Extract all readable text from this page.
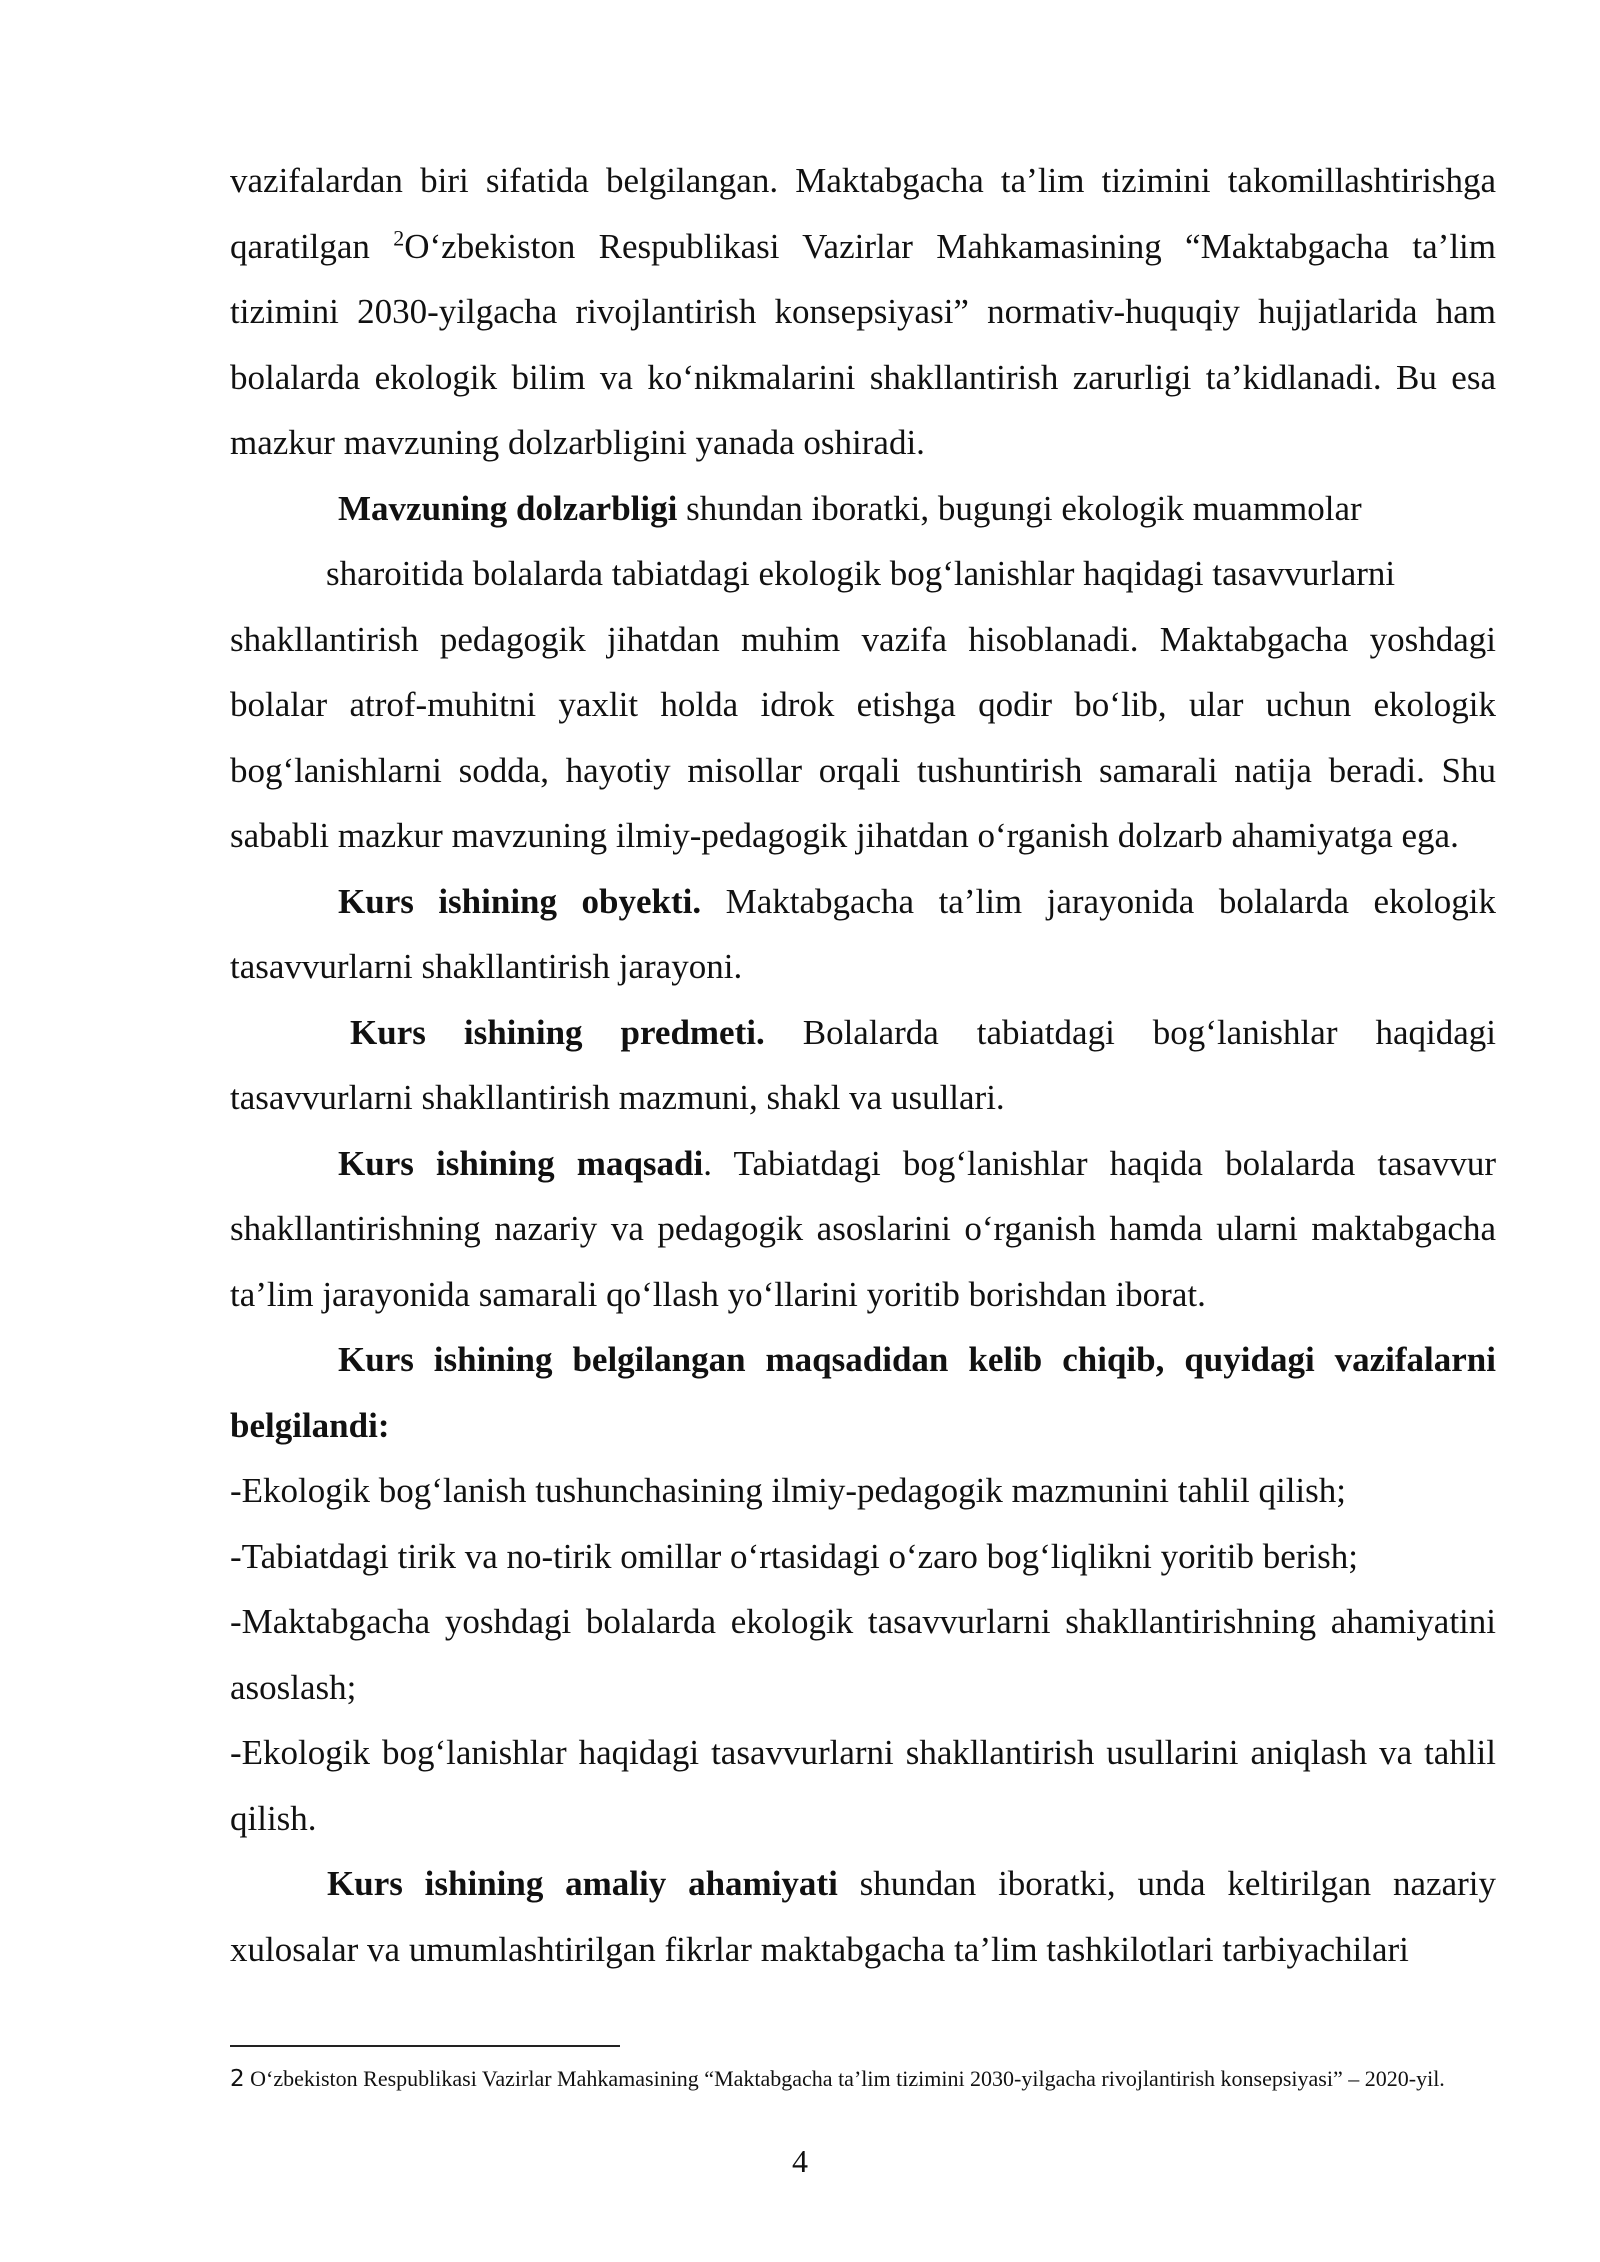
vazifalardan biri sifatida belgilangan. Maktabgacha ta’lim tizimini takomillashtirishga qaratilgan $^2$O‘zbekiston Respublikasi Vazirlar Mahkamasining “Maktabgacha ta’lim tizimini 2030-yilgacha rivojlantirish konsepsiyasi” normativ-huquqiy hujjatlarida ham bolalarda ekologik bilim va ko‘nikmalarini shakllantirish zarurligi ta’kidlanadi. Bu esa mazkur mavzuning dolzarbligini yanada oshiradi.

Mavzuning dolzarbligi shundan iboratki, bugungi ekologik muammolar

sharoitida bolalarda tabiatdagi ekologik bog‘lanishlar haqidagi tasavvurlarni

shakllantirish pedagogik jihatdan muhim vazifa hisoblanadi. Maktabgacha yoshdagi bolalar atrof-muhitni yaxlit holda idrok etishga qodir bo‘lib, ular uchun ekologik bog‘lanishlarni sodda, hayotiy misollar orqali tushuntirish samarali natija beradi. Shu sababli mazkur mavzuning ilmiy-pedagogik jihatdan o‘rganish dolzarb ahamiyatga ega.

Kurs ishining obyekti. Maktabgacha ta’lim jarayonida bolalarda ekologik tasavvurlarni shakllantirish jarayoni.

Kurs ishining predmeti. Bolalarda tabiatdagi bog‘lanishlar haqidagi tasavvurlarni shakllantirish mazmuni, shakl va usullari.

Kurs ishining maqsadi. Tabiatdagi bog‘lanishlar haqida bolalarda tasavvur shakllantirishning nazariy va pedagogik asoslarini o‘rganish hamda ularni maktabgacha ta’lim jarayonida samarali qo‘llash yo‘llarini yoritib borishdan iborat.

Kurs ishining belgilangan maqsadidan kelib chiqib, quyidagi vazifalarni belgilandi:

-Ekologik bog‘lanish tushunchasining ilmiy-pedagogik mazmunini tahlil qilish;

-Tabiatdagi tirik va no-tirik omillar o‘rtasidagi o‘zaro bog‘liqlikni yoritib berish;

-Maktabgacha yoshdagi bolalarda ekologik tasavvurlarni shakllantirishning ahamiyatini asoslash;

-Ekologik bog‘lanishlar haqidagi tasavvurlarni shakllantirish usullarini aniqlash va tahlil qilish.

Kurs ishining amaliy ahamiyati shundan iboratki, unda keltirilgan nazariy xulosalar va umumlashtirilgan fikrlar maktabgacha ta’lim tashkilotlari tarbiyachilari

2 O‘zbekiston Respublikasi Vazirlar Mahkamasining “Maktabgacha ta’lim tizimini 2030-yilgacha rivojlantirish konsepsiyasi” – 2020-yil.

4
